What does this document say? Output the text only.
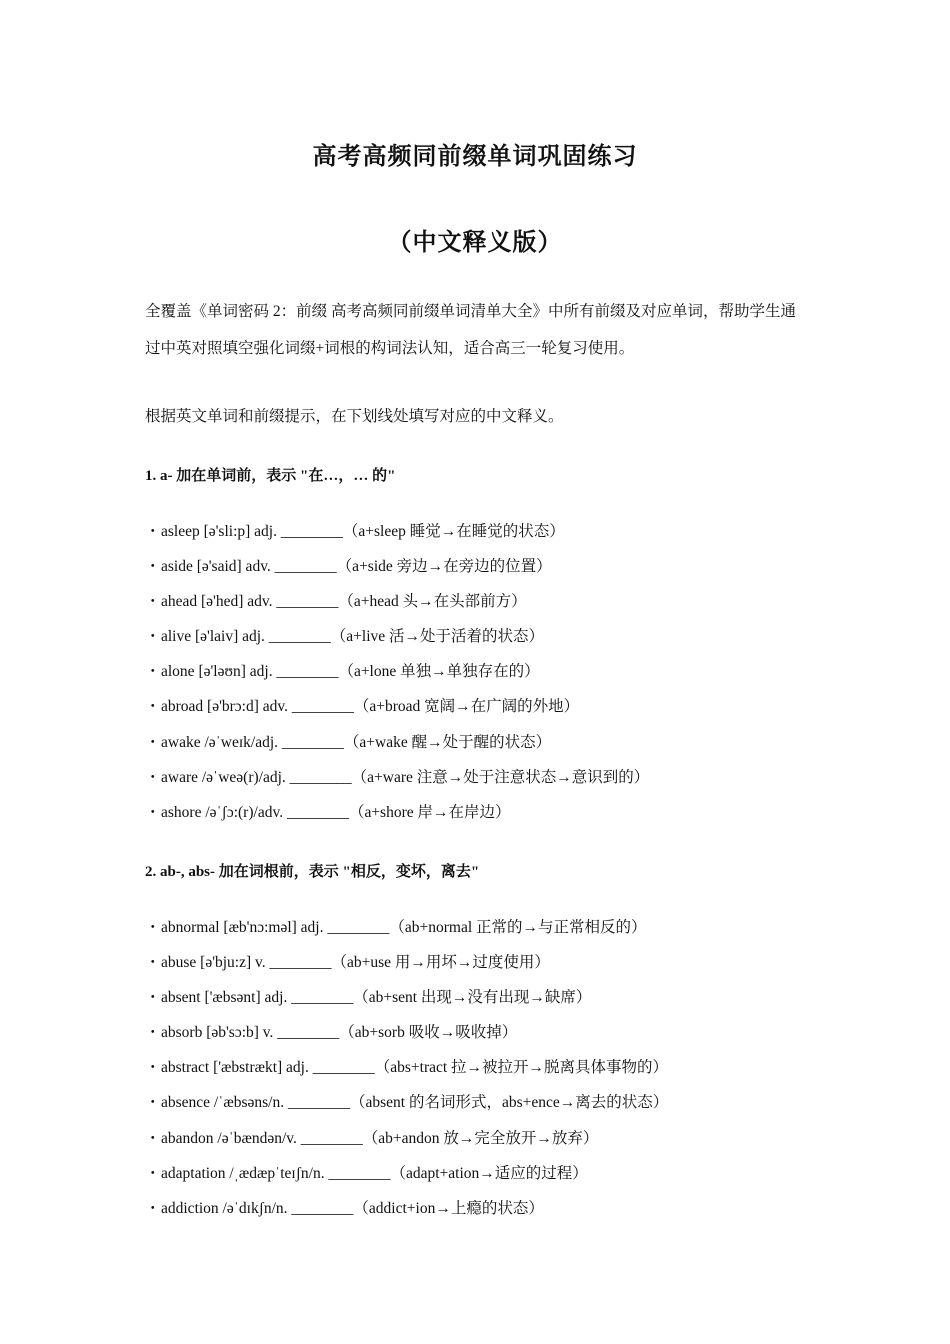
高考高频同前缀单词巩固练习
（中文释义版）
全覆盖《单词密码 2：前缀 高考高频同前缀单词清单大全》中所有前缀及对应单词，帮助学生通过中英对照填空强化词缀+词根的构词法认知，适合高三一轮复习使用。
根据英文单词和前缀提示，在下划线处填写对应的中文释义。
1. a- 加在单词前，表示 "在…，… 的"
・asleep [ə'sli:p] adj. ________（a+sleep 睡觉→在睡觉的状态）
・aside [ə'said] adv. ________（a+side 旁边→在旁边的位置）
・ahead [ə'hed] adv. ________（a+head 头→在头部前方）
・alive [ə'laiv] adj. ________（a+live 活→处于活着的状态）
・alone [ə'ləʊn] adj. ________（a+lone 单独→单独存在的）
・abroad [ə'brɔ:d] adv. ________（a+broad 宽阔→在广阔的外地）
・awake /əˈweɪk/adj. ________（a+wake 醒→处于醒的状态）
・aware /əˈweə(r)/adj. ________（a+ware 注意→处于注意状态→意识到的）
・ashore /əˈʃɔ:(r)/adv. ________（a+shore 岸→在岸边）
2. ab-, abs- 加在词根前，表示 "相反，变坏，离去"
・abnormal [æb'nɔ:məl] adj. ________（ab+normal 正常的→与正常相反的）
・abuse [ə'bju:z] v. ________（ab+use 用→用坏→过度使用）
・absent ['æbsənt] adj. ________（ab+sent 出现→没有出现→缺席）
・absorb [əb'sɔ:b] v. ________（ab+sorb 吸收→吸收掉）
・abstract ['æbstrækt] adj. ________（abs+tract 拉→被拉开→脱离具体事物的）
・absence /ˈæbsəns/n. ________（absent 的名词形式，abs+ence→离去的状态）
・abandon /əˈbændən/v. ________（ab+andon 放→完全放开→放弃）
・adaptation /ˌædæpˈteɪʃn/n. ________（adapt+ation→适应的过程）
・addiction /əˈdɪkʃn/n. ________（addict+ion→上瘾的状态）
